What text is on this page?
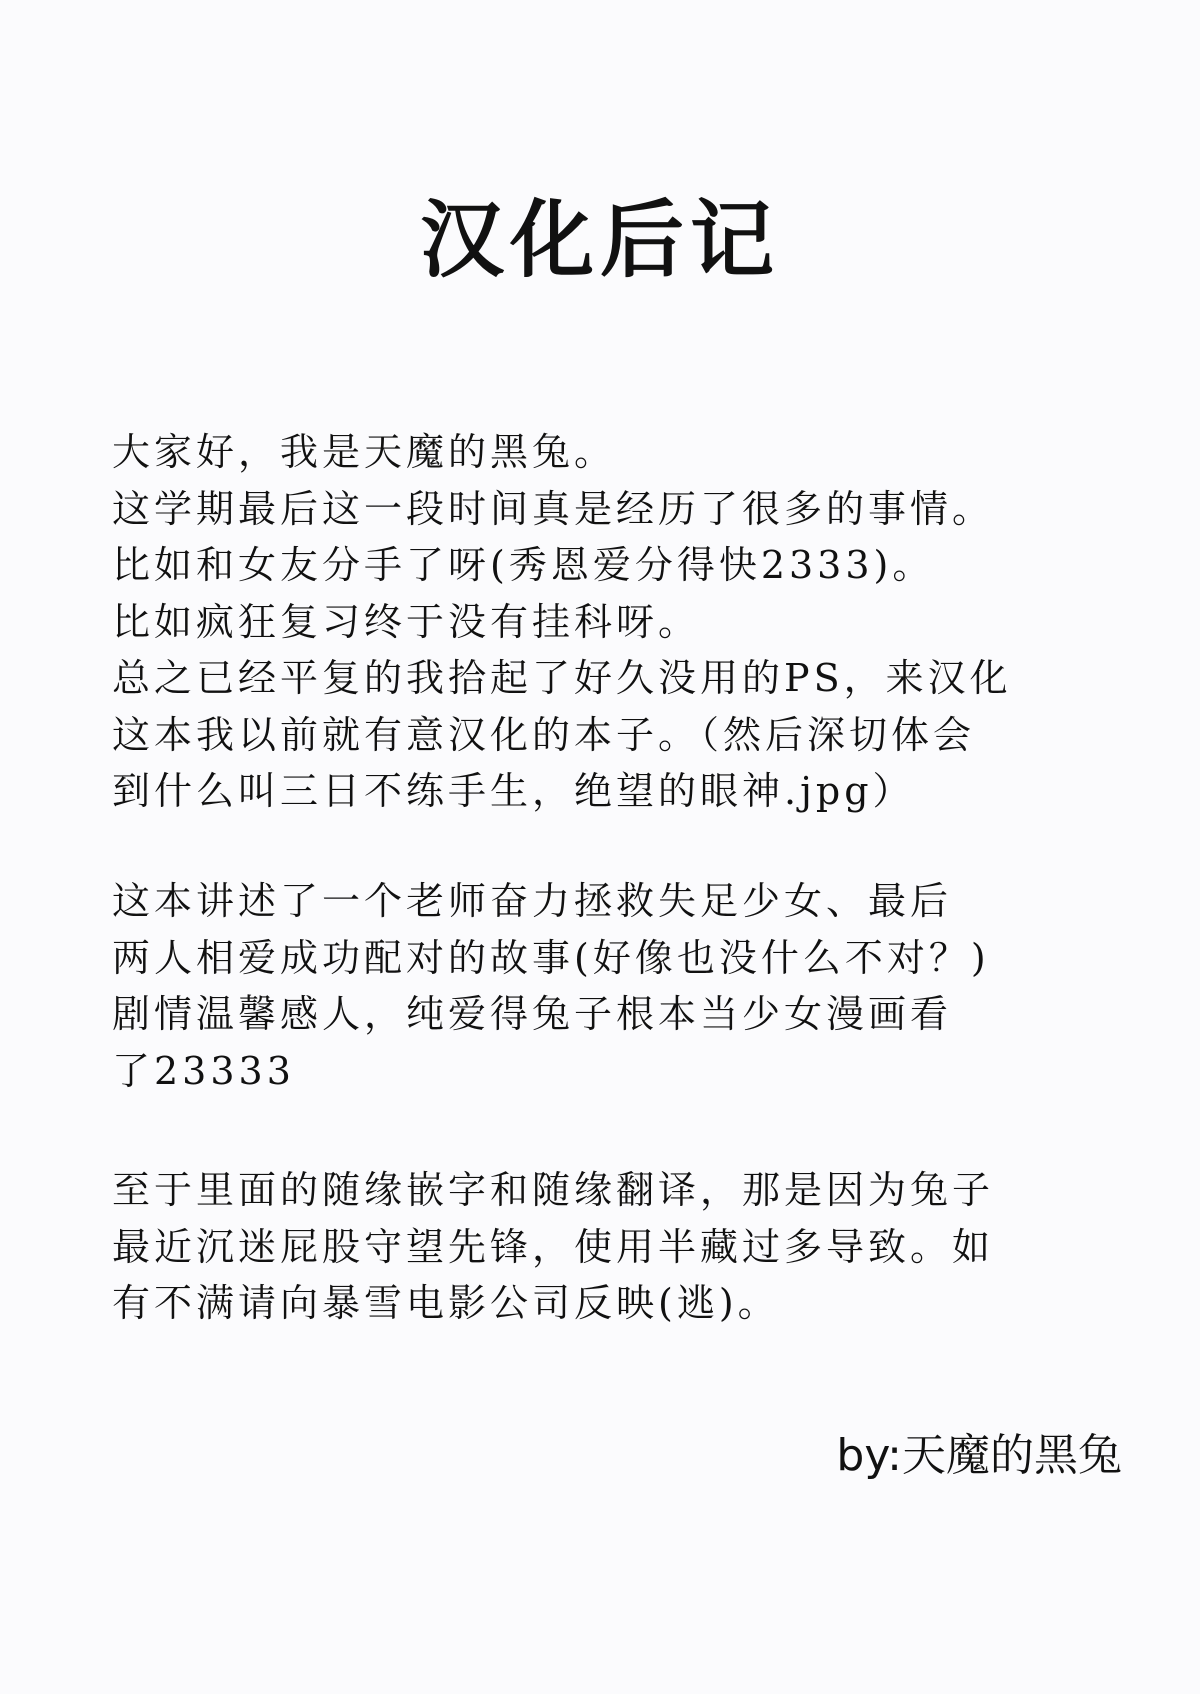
汉化后记
大家好，我是天魔的黑兔。
这学期最后这一段时间真是经历了很多的事情。
比如和女友分手了呀(秀恩爱分得快2333)。
比如疯狂复习终于没有挂科呀。
总之已经平复的我拾起了好久没用的PS，来汉化
这本我以前就有意汉化的本子。（然后深切体会
到什么叫三日不练手生，绝望的眼神.jpg）
这本讲述了一个老师奋力拯救失足少女、最后
两人相爱成功配对的故事(好像也没什么不对？)
剧情温馨感人，纯爱得兔子根本当少女漫画看
了23333
至于里面的随缘嵌字和随缘翻译，那是因为兔子
最近沉迷屁股守望先锋，使用半藏过多导致。如
有不满请向暴雪电影公司反映(逃)。
by:天魔的黑兔
